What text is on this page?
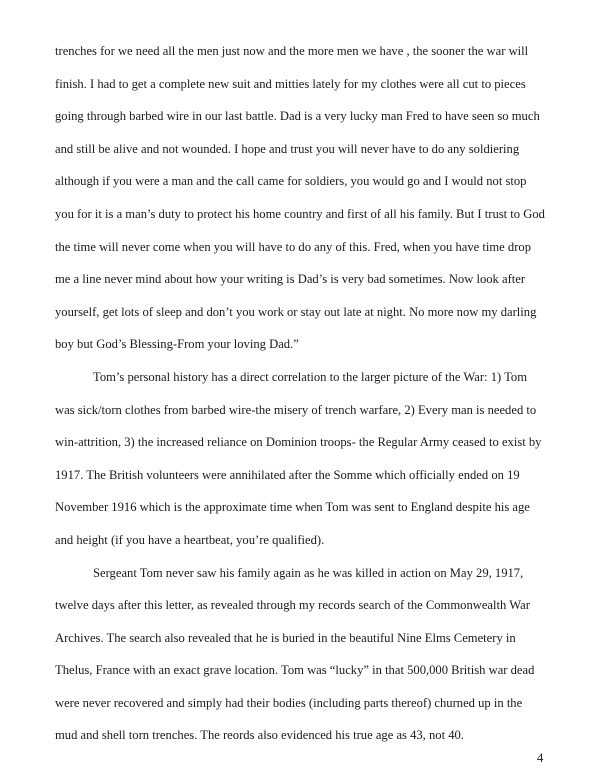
trenches for we need all the men just now and the more men we have , the sooner the war will
finish. I had to get a complete new suit and mitties lately for my clothes were all cut to pieces
going through barbed wire in our last battle. Dad is a very lucky man Fred to have seen so much
and still be alive and not wounded. I hope and trust you will never have to do any soldiering
although if you were a man and the call came for soldiers, you would go and I would not stop
you for it is a man’s duty to protect his home country and first of all his family. But I trust to God
the time will never come when you will have to do any of this. Fred, when you have time drop
me a line never mind about how your writing is Dad’s is very bad sometimes. Now look after
yourself, get lots of sleep and don’t you work or stay out late at night. No more now my darling
boy but God’s Blessing-From your loving Dad.”
Tom’s personal history has a direct correlation to the larger picture of the War: 1) Tom
was sick/torn clothes from barbed wire-the misery of trench warfare, 2) Every man is needed to
win-attrition, 3) the increased reliance on Dominion troops- the Regular Army ceased to exist by
1917. The British volunteers were annihilated after the Somme which officially ended on 19
November 1916 which is the approximate time when Tom was sent to England despite his age
and height (if you have a heartbeat, you’re qualified).
Sergeant Tom never saw his family again as he was killed in action on May 29, 1917,
twelve days after this letter, as revealed through my records search of the Commonwealth War
Archives. The search also revealed that he is buried in the beautiful Nine Elms Cemetery in
Thelus, France with an exact grave location. Tom was “lucky” in that 500,000 British war dead
were never recovered and simply had their bodies (including parts thereof) churned up in the
mud and shell torn trenches. The reords also evidenced his true age as 43, not 40.
4
